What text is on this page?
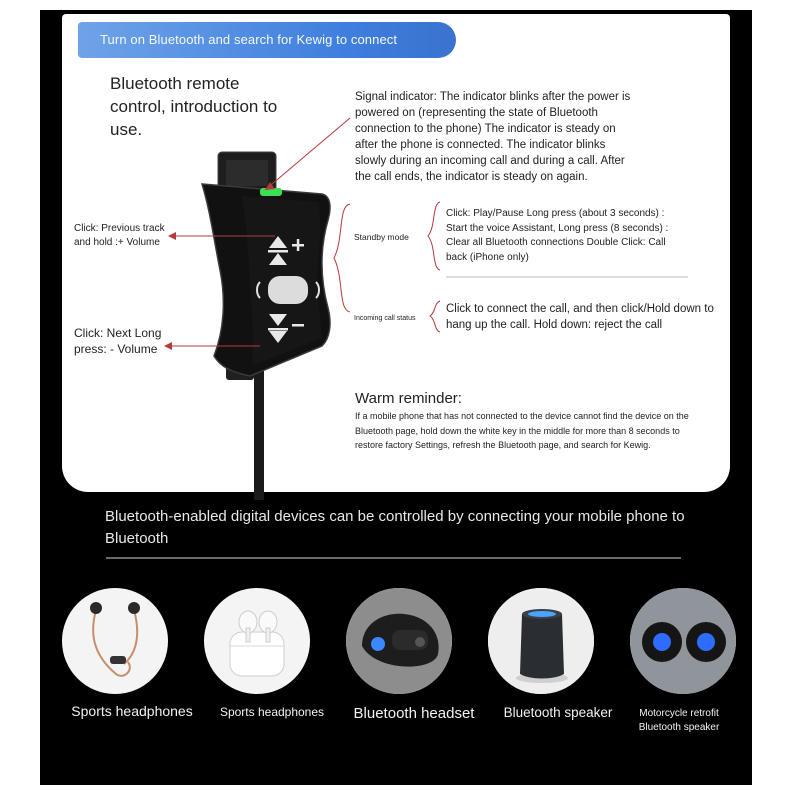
Turn on Bluetooth and search for Kewig to connect
Bluetooth remote control, introduction to use.
Signal indicator: The indicator blinks after the power is powered on (representing the state of Bluetooth connection to the phone) The indicator is steady on after the phone is connected. The indicator blinks slowly during an incoming call and during a call. After the call ends, the indicator is steady on again.
Click: Previous track and hold :+ Volume
Click: Next Long press: - Volume
Standby mode
Click: Play/Pause Long press (about 3 seconds) : Start the voice Assistant, Long press (8 seconds) : Clear all Bluetooth connections Double Click: Call back (iPhone only)
Incoming call status
Click to connect the call, and then click/Hold down to hang up the call. Hold down: reject the call
Warm reminder:
If a mobile phone that has not connected to the device cannot find the device on the Bluetooth page, hold down the white key in the middle for more than 8 seconds to restore factory Settings, refresh the Bluetooth page, and search for Kewig.
Bluetooth-enabled digital devices can be controlled by connecting your mobile phone to Bluetooth
Sports headphones	Sports headphones	Bluetooth headset	Bluetooth speaker	Motorcycle retrofit Bluetooth speaker
